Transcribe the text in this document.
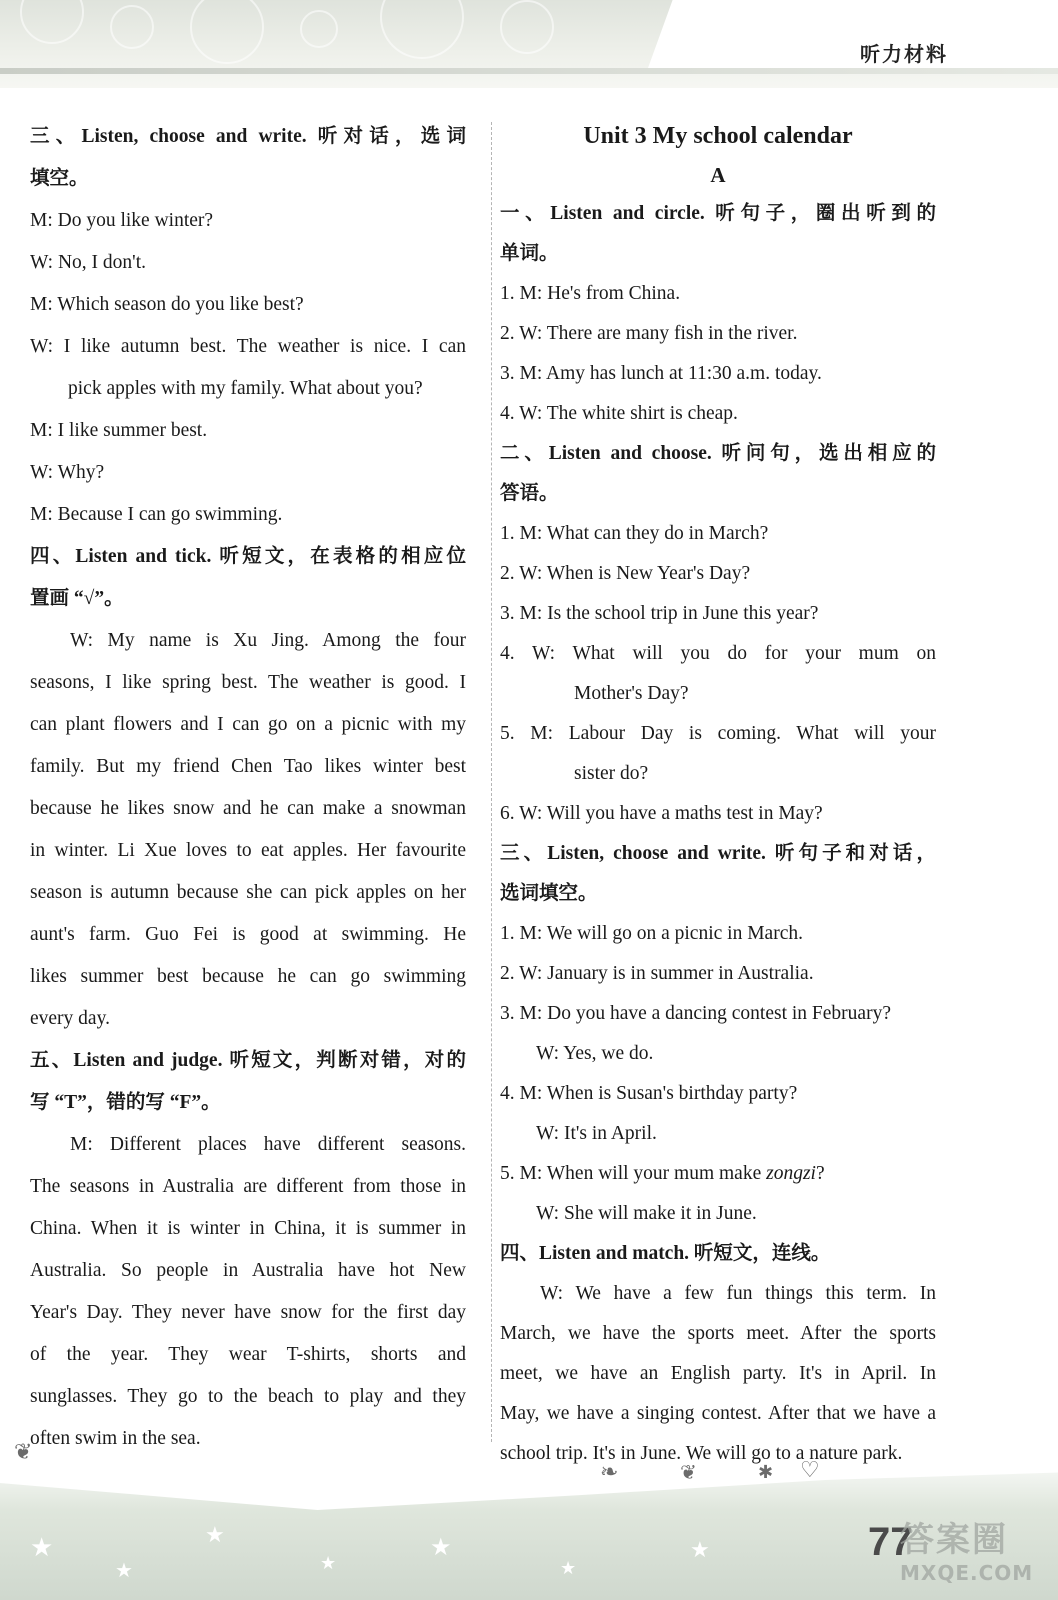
听力材料
三、Listen, choose and write. 听对话，选词
填空。
M: Do you like winter?
W: No, I don't.
M: Which season do you like best?
W: I like autumn best. The weather is nice. I can
pick apples with my family. What about you?
M: I like summer best.
W: Why?
M: Because I can go swimming.
四、Listen and tick. 听短文，在表格的相应位
置画 “√”。
W: My name is Xu Jing. Among the four
seasons, I like spring best. The weather is good. I
can plant flowers and I can go on a picnic with my
family. But my friend Chen Tao likes winter best
because he likes snow and he can make a snowman
in winter. Li Xue loves to eat apples. Her favourite
season is autumn because she can pick apples on her
aunt's farm. Guo Fei is good at swimming. He
likes summer best because he can go swimming
every day.
五、Listen and judge. 听短文，判断对错，对的
写 “T”，错的写 “F”。
M: Different places have different seasons.
The seasons in Australia are different from those in
China. When it is winter in China, it is summer in
Australia. So people in Australia have hot New
Year's Day. They never have snow for the first day
of the year. They wear T-shirts, shorts and
sunglasses. They go to the beach to play and they
often swim in the sea.
Unit 3 My school calendar
A
一、Listen and circle. 听句子，圈出听到的
单词。
1. M: He's from China.
2. W: There are many fish in the river.
3. M: Amy has lunch at 11:30 a.m. today.
4. W: The white shirt is cheap.
二、Listen and choose. 听问句，选出相应的
答语。
1. M: What can they do in March?
2. W: When is New Year's Day?
3. M: Is the school trip in June this year?
4. W: What will you do for your mum on
Mother's Day?
5. M: Labour Day is coming. What will your
sister do?
6. W: Will you have a maths test in May?
三、Listen, choose and write. 听句子和对话，
选词填空。
1. M: We will go on a picnic in March.
2. W: January is in summer in Australia.
3. M: Do you have a dancing contest in February?
W: Yes, we do.
4. M: When is Susan's birthday party?
W: It's in April.
5. M: When will your mum make zongzi?
W: She will make it in June.
四、Listen and match. 听短文，连线。
W: We have a few fun things this term. In
March, we have the sports meet. After the sports
meet, we have an English party. It's in April. In
May, we have a singing contest. After that we have a
school trip. It's in June. We will go to a nature park.
★
★
★
★
★
★
★
❦
❧	❦	✱ ♡
77
答案圈
MXQE.COM
